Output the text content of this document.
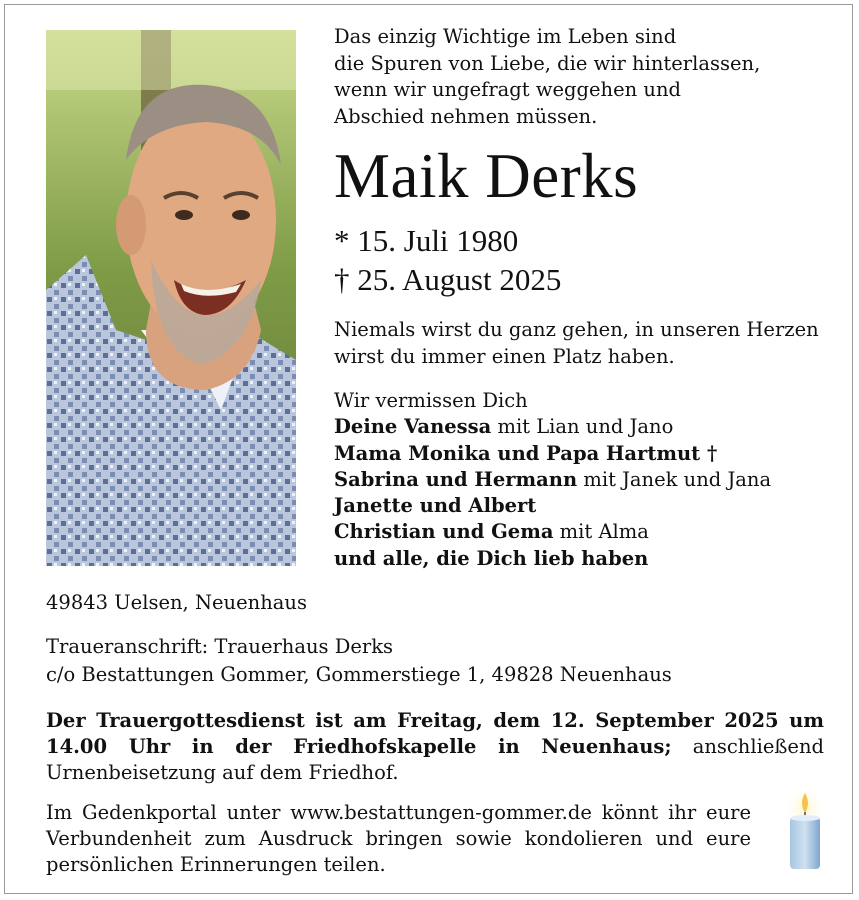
Das einzig Wichtige im Leben sind
die Spuren von Liebe, die wir hinterlassen,
wenn wir ungefragt weggehen und
Abschied nehmen müssen.
Maik Derks
* 15. Juli 1980
† 25. August 2025
Niemals wirst du ganz gehen, in unseren Herzen
wirst du immer einen Platz haben.
Wir vermissen Dich
Deine Vanessa mit Lian und Jano
Mama Monika und Papa Hartmut †
Sabrina und Hermann mit Janek und Jana
Janette und Albert
Christian und Gema mit Alma
und alle, die Dich lieb haben
49843 Uelsen, Neuenhaus
Traueranschrift: Trauerhaus Derks
c/o Bestattungen Gommer, Gommerstiege 1, 49828 Neuenhaus
Der Trauergottesdienst ist am Freitag, dem 12. September 2025 um 14.00 Uhr in der Friedhofskapelle in Neuenhaus; anschließend Urnenbeisetzung auf dem Friedhof.
Im Gedenkportal unter www.bestattungen-gommer.de könnt ihr eure Verbundenheit zum Ausdruck bringen sowie kondolieren und eure persönlichen Erinnerungen teilen.
